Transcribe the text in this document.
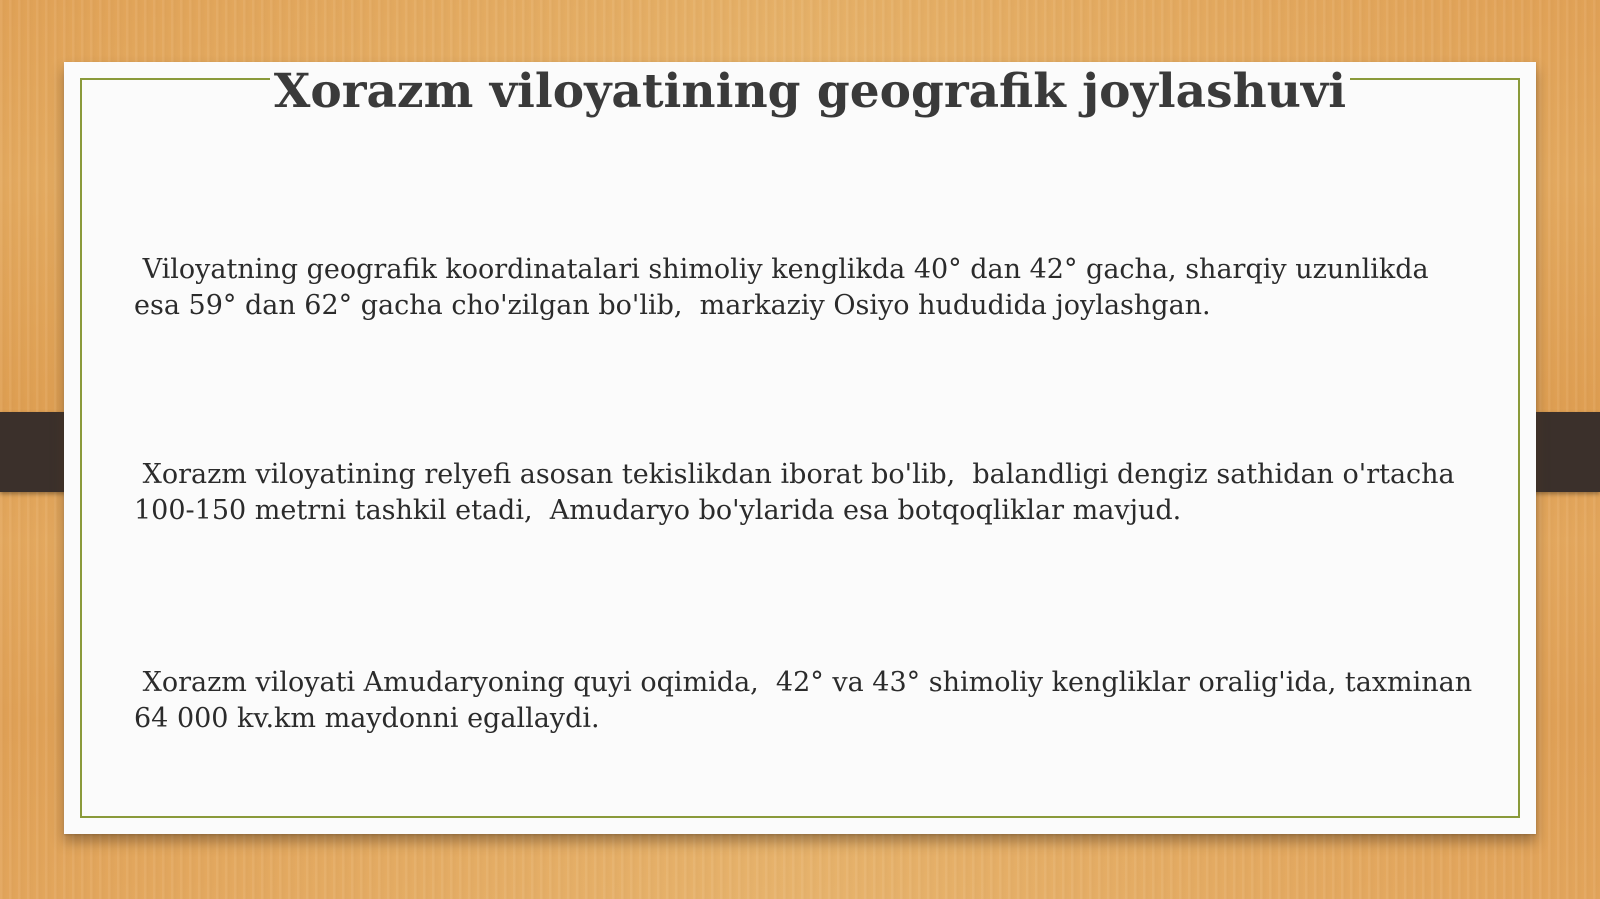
Xorazm viloyatining geografik joylashuvi
Viloyatning geografik koordinatalari shimoliy kenglikda 40° dan 42° gacha, sharqiy uzunlikda esa 59° dan 62° gacha cho'zilgan bo'lib,  markaziy Osiyo hududida joylashgan.
Xorazm viloyatining relyefi asosan tekislikdan iborat bo'lib,  balandligi dengiz sathidan o'rtacha 100-150 metrni tashkil etadi,  Amudaryo bo'ylarida esa botqoqliklar mavjud.
Xorazm viloyati Amudaryoning quyi oqimida,  42° va 43° shimoliy kengliklar oralig'ida, taxminan 64 000 kv.km maydonni egallaydi.
